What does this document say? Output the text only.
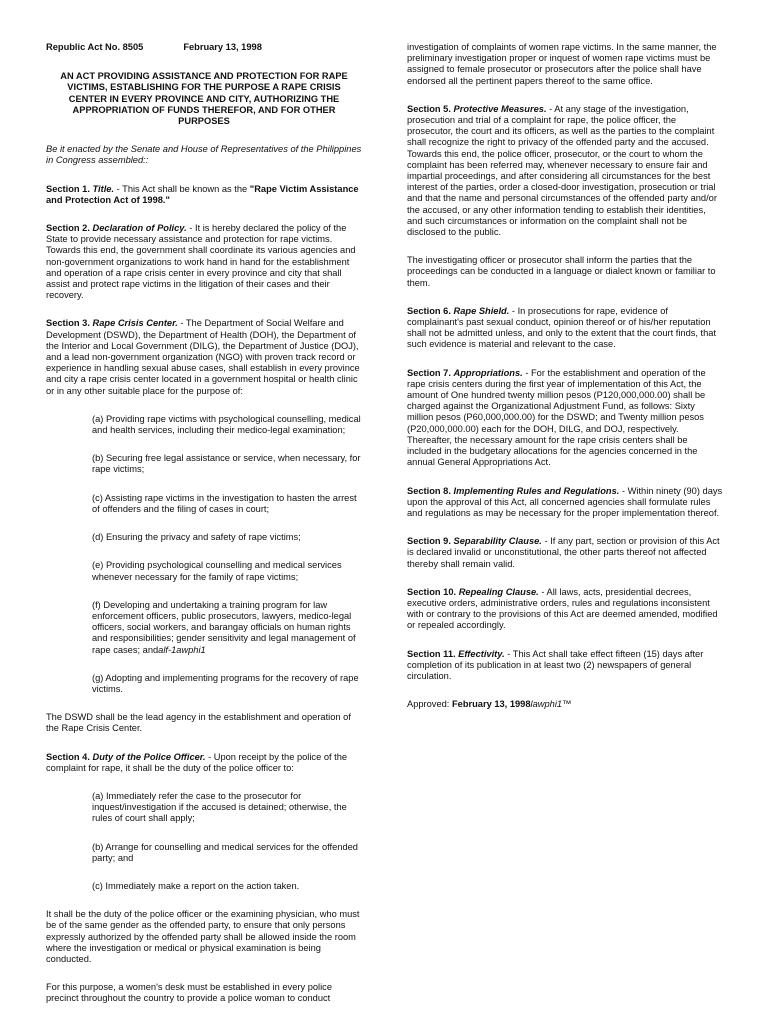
Republic Act No. 8505	February 13, 1998

AN ACT PROVIDING ASSISTANCE AND PROTECTION FOR RAPE VICTIMS, ESTABLISHING FOR THE PURPOSE A RAPE CRISIS CENTER IN EVERY PROVINCE AND CITY, AUTHORIZING THE APPROPRIATION OF FUNDS THEREFOR, AND FOR OTHER PURPOSES

Be it enacted by the Senate and House of Representatives of the Philippines in Congress assembled::

Section 1. Title. - This Act shall be known as the "Rape Victim Assistance and Protection Act of 1998."

Section 2. Declaration of Policy. - It is hereby declared the policy of the State to provide necessary assistance and protection for rape victims. Towards this end, the government shall coordinate its various agencies and non-government organizations to work hand in hand for the establishment and operation of a rape crisis center in every province and city that shall assist and protect rape victims in the litigation of their cases and their recovery.

Section 3. Rape Crisis Center. - The Department of Social Welfare and Development (DSWD), the Department of Health (DOH), the Department of the Interior and Local Government (DILG), the Department of Justice (DOJ), and a lead non-government organization (NGO) with proven track record or experience in handling sexual abuse cases, shall establish in every province and city a rape crisis center located in a government hospital or health clinic or in any other suitable place for the purpose of:

(a) Providing rape victims with psychological counselling, medical and health services, including their medico-legal examination;

(b) Securing free legal assistance or service, when necessary, for rape victims;

(c) Assisting rape victims in the investigation to hasten the arrest of offenders and the filing of cases in court;

(d) Ensuring the privacy and safety of rape victims;

(e) Providing psychological counselling and medical services whenever necessary for the family of rape victims;

(f) Developing and undertaking a training program for law enforcement officers, public prosecutors, lawyers, medico-legal officers, social workers, and barangay officials on human rights and responsibilities; gender sensitivity and legal management of rape cases; andalf-1awphi1

(g) Adopting and implementing programs for the recovery of rape victims.

The DSWD shall be the lead agency in the establishment and operation of the Rape Crisis Center.

Section 4. Duty of the Police Officer. - Upon receipt by the police of the complaint for rape, it shall be the duty of the police officer to:

(a) Immediately refer the case to the prosecutor for inquest/investigation if the accused is detained; otherwise, the rules of court shall apply;

(b) Arrange for counselling and medical services for the offended party; and

(c) Immediately make a report on the action taken.

It shall be the duty of the police officer or the examining physician, who must be of the same gender as the offended party, to ensure that only persons expressly authorized by the offended party shall be allowed inside the room where the investigation or medical or physical examination is being conducted.

For this purpose, a women's desk must be established in every police precinct throughout the country to provide a police woman to conduct

investigation of complaints of women rape victims. In the same manner, the preliminary investigation proper or inquest of women rape victims must be assigned to female prosecutor or prosecutors after the police shall have endorsed all the pertinent papers thereof to the same office.

Section 5. Protective Measures. - At any stage of the investigation, prosecution and trial of a complaint for rape, the police officer, the prosecutor, the court and its officers, as well as the parties to the complaint shall recognize the right to privacy of the offended party and the accused. Towards this end, the police officer, prosecutor, or the court to whom the complaint has been referred may, whenever necessary to ensure fair and impartial proceedings, and after considering all circumstances for the best interest of the parties, order a closed-door investigation, prosecution or trial and that the name and personal circumstances of the offended party and/or the accused, or any other information tending to establish their identities, and such circumstances or information on the complaint shall not be disclosed to the public.

The investigating officer or prosecutor shall inform the parties that the proceedings can be conducted in a language or dialect known or familiar to them.

Section 6. Rape Shield. - In prosecutions for rape, evidence of complainant's past sexual conduct, opinion thereof or of his/her reputation shall not be admitted unless, and only to the extent that the court finds, that such evidence is material and relevant to the case.

Section 7. Appropriations. - For the establishment and operation of the rape crisis centers during the first year of implementation of this Act, the amount of One hundred twenty million pesos (P120,000,000.00) shall be charged against the Organizational Adjustment Fund, as follows: Sixty million pesos (P60,000,000.00) for the DSWD; and Twenty million pesos (P20,000,000.00) each for the DOH, DILG, and DOJ, respectively. Thereafter, the necessary amount for the rape crisis centers shall be included in the budgetary allocations for the agencies concerned in the annual General Appropriations Act.

Section 8. Implementing Rules and Regulations. - Within ninety (90) days upon the approval of this Act, all concerned agencies shall formulate rules and regulations as may be necessary for the proper implementation thereof.

Section 9. Separability Clause. - If any part, section or provision of this Act is declared invalid or unconstitutional, the other parts thereof not affected thereby shall remain valid.

Section 10. Repealing Clause. - All laws, acts, presidential decrees, executive orders, administrative orders, rules and regulations inconsistent with or contrary to the provisions of this Act are deemed amended, modified or repealed accordingly.

Section 11. Effectivity. - This Act shall take effect fifteen (15) days after completion of its publication in at least two (2) newspapers of general circulation.

Approved: February 13, 1998lawphi1™
